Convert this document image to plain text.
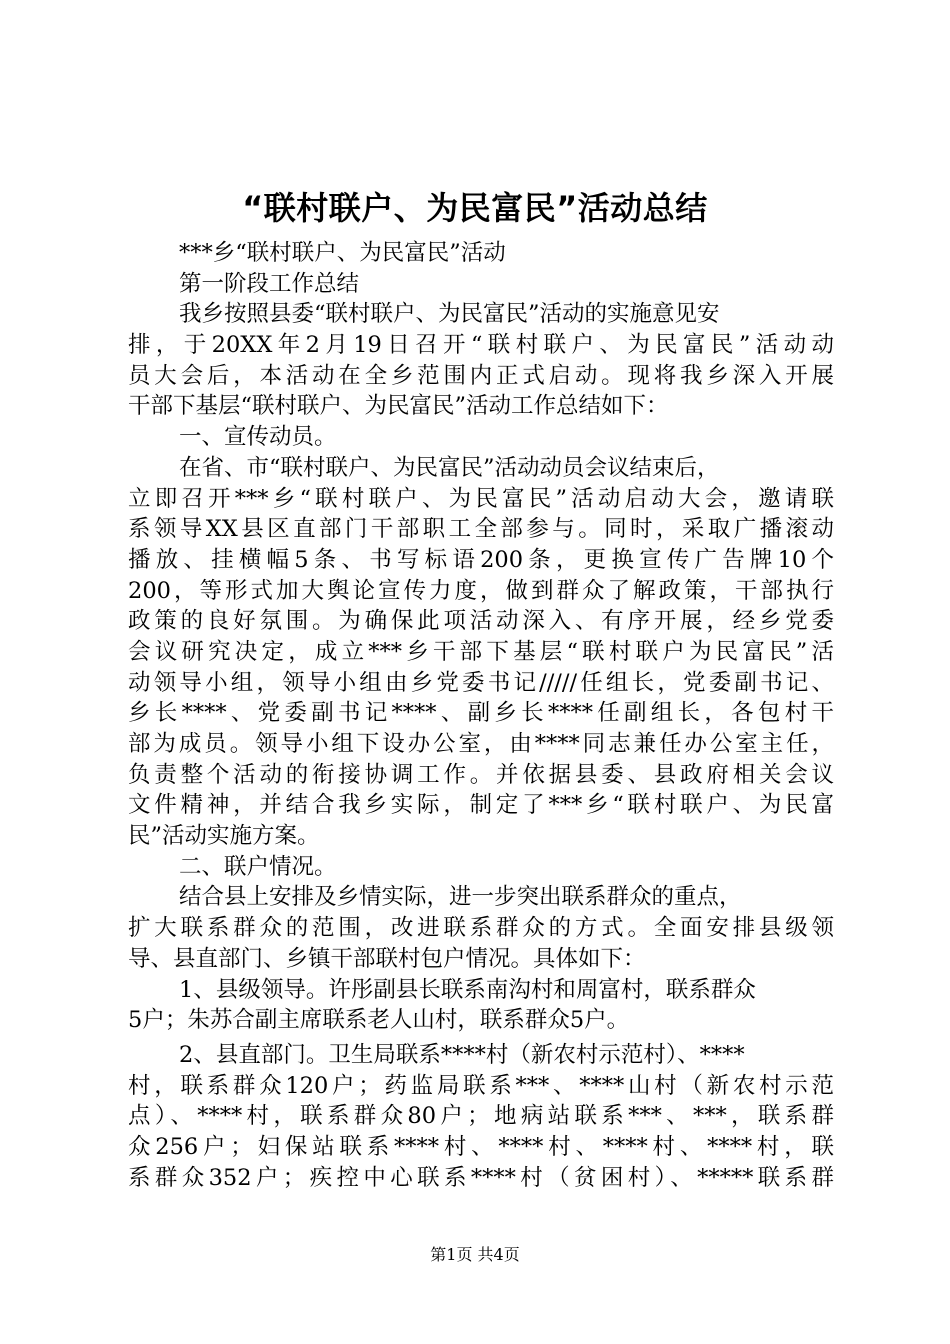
“联村联户、为民富民”活动总结
***乡“联村联户、为民富民”活动
第一阶段工作总结
我乡按照县委“联村联户、为民富民”活动的实施意见安
排，于20XX年2月19日召开“联村联户、为民富民”活动动
员大会后，本活动在全乡范围内正式启动。现将我乡深入开展
干部下基层“联村联户、为民富民”活动工作总结如下：
一、宣传动员。
在省、市“联村联户、为民富民”活动动员会议结束后，
立即召开***乡“联村联户、为民富民”活动启动大会，邀请联
系领导XX县区直部门干部职工全部参与。同时，采取广播滚动
播放、挂横幅5条、书写标语200条，更换宣传广告牌10个
200，等形式加大舆论宣传力度，做到群众了解政策，干部执行
政策的良好氛围。为确保此项活动深入、有序开展，经乡党委
会议研究决定，成立***乡干部下基层“联村联户为民富民”活
动领导小组，领导小组由乡党委书记/////任组长，党委副书记、
乡长****、党委副书记****、副乡长****任副组长，各包村干
部为成员。领导小组下设办公室，由****同志兼任办公室主任，
负责整个活动的衔接协调工作。并依据县委、县政府相关会议
文件精神，并结合我乡实际，制定了***乡“联村联户、为民富
民”活动实施方案。
二、联户情况。
结合县上安排及乡情实际，进一步突出联系群众的重点，
扩大联系群众的范围，改进联系群众的方式。全面安排县级领
导、县直部门、乡镇干部联村包户情况。具体如下：
1、县级领导。许彤副县长联系南沟村和周富村，联系群众
5户；朱苏合副主席联系老人山村，联系群众5户。
2、县直部门。卫生局联系****村（新农村示范村）、****
村，联系群众120户；药监局联系***、****山村（新农村示范
点）、****村，联系群众80户；地病站联系***、***，联系群
众256户；妇保站联系****村、****村、****村、****村，联
系群众352户；疾控中心联系****村（贫困村）、*****联系群
第1页 共4页
